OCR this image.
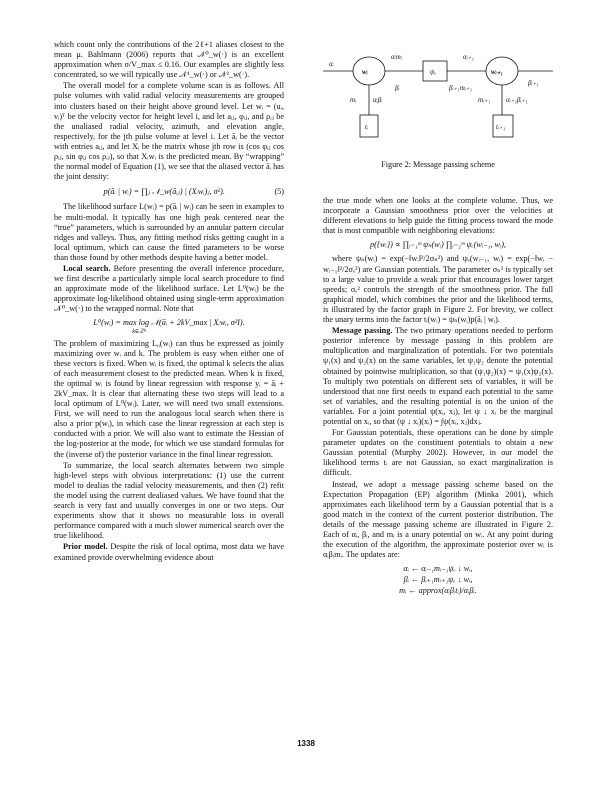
which count only the contributions of the 2ℓ+1 aliases closest to the mean μ. Bahlmann (2006) reports that 𝒩⁰_w(·) is an excellent approximation when σ/V_max ≤ 0.16. Our examples are slightly less concentrated, so we will typically use 𝒩¹_w(·) or 𝒩²_w(·).

The overall model for a complete volume scan is as follows. All pulse volumes with valid radial velocity measurements are grouped into clusters based on their height above ground level. Let wᵢ = (uᵢ, vᵢ)ᵀ be the velocity vector for height level i, and let aᵢⱼ, φᵢⱼ, and ρᵢⱼ be the unaliased radial velocity, azimuth, and elevation angle, respectively, for the jth pulse volume at level i. Let āᵢ be the vector with entries aᵢⱼ, and let Xᵢ be the matrix whose jth row is (cos φᵢⱼ cos ρᵢⱼ, sin φᵢⱼ cos ρᵢⱼ), so that Xᵢwᵢ is the predicted mean. By “wrapping” the normal model of Equation (1), we see that the aliased vector āᵢ has the joint density:

p(āᵢ | wᵢ) = ∏ⱼ 𝒩_w(āᵢⱼ) | (Xᵢwᵢ)ⱼ, σ²).	(5)

The likelihood surface L(wᵢ) = p(āᵢ | wᵢ) can be seen in examples to be multi-modal. It typically has one high peak centered near the “true” parameters, which is surrounded by an annular pattern circular ridges and valleys. Thus, any fitting method risks getting caught in a local optimum, which can cause the fitted parameters to be worse than those found by other methods despite having a better model.

Local search. Before presenting the overall inference procedure, we first describe a particularly simple local search procedure to find an approximate mode of the likelihood surface. Let L⁰(wᵢ) be the approximate log-likelihood obtained using single-term approximation 𝒩⁰_w(·) to the wrapped normal. Note that

L⁰(wᵢ) = max log 𝒩(āᵢ + 2kV_max | Xᵢwᵢ, σ²I).
k∈ℤⁿ

The problem of maximizing L₀(wᵢ) can thus be expressed as jointly maximizing over wᵢ and k. The problem is easy when either one of these vectors is fixed. When wᵢ is fixed, the optimal k selects the alias of each measurement closest to the predicted mean. When k is fixed, the optimal wᵢ is found by linear regression with response yᵢ = āᵢ + 2kV_max. It is clear that alternating these two steps will lead to a local optimum of L⁰(wᵢ). Later, we will need two small extensions. First, we will need to run the analogous local search when there is also a prior p(wᵢ), in which case the linear regression at each step is conducted with a prior. We will also want to estimate the Hessian of the log-posterior at the mode, for which we use standard formulas for the (inverse of) the posterior variance in the final linear regression.

To summarize, the local search alternates between two simple high-level steps with obvious interpretations: (1) use the current model to dealias the radial velocity measurements, and then (2) refit the model using the current dealiased values. We have found that the search is very fast and usually converges in one or two steps. Our experiments show that it shows no measurable loss in overall performance compared with a much slower numerical search over the true likelihood.

Prior model. Despite the risk of local optima, most data we have examined provide overwhelming evidence about

αᵢ
αᵢmᵢ	αᵢ₊₁
wᵢ	ψₑ	wᵢ₊₁
βᵢ₊₁
βᵢ	βᵢ₊₁mᵢ₊₁
mᵢ αᵢβᵢ	mᵢ₊₁ αᵢ₊₁βᵢ₊₁
tᵢ	tᵢ₊₁
Figure 2: Message passing scheme

the true mode when one looks at the complete volume. Thus, we incorporate a Gaussian smoothness prior over the velocities at different elevations to help guide the fitting process toward the mode that is most compatible with neighboring elevations:

p({wᵢ}) ∝ ∏ᵢ₌₁ᵐ ψₙ(wᵢ) ∏ᵢ₌₂ᵐ ψₑ(wᵢ₋₁, wᵢ),

where ψₙ(wᵢ) = exp(−‖wᵢ‖²/2σₙ²) and ψₑ(wᵢ₋₁, wᵢ) = exp(−‖wᵢ − wᵢ₋₁‖²/2σₑ²) are Gaussian potentials. The parameter σₙ² is typically set to a large value to provide a weak prior that encourages lower target speeds; σₑ² controls the strength of the smoothness prior. The full graphical model, which combines the prior and the likelihood terms, is illustrated by the factor graph in Figure 2. For brevity, we collect the unary terms into the factor tᵢ(wᵢ) = ψₙ(wᵢ)p(āᵢ | wᵢ).

Message passing. The two primary operations needed to perform posterior inference by message passing in this problem are multiplication and marginalization of potentials. For two potentials ψ₁(x) and ψ₂(x) on the same variables, let ψ₁ψ₂ denote the potential obtained by pointwise multiplication, so that (ψ₁ψ₂)(x) = ψ₁(x)ψ₂(x). To multiply two potentials on different sets of variables, it will be understood that one first needs to expand each potential to the same set of variables, and the resulting potential is on the union of the variables. For a joint potential ψ(xᵢ, xⱼ), let ψ ↓ xᵢ be the marginal potential on xᵢ, so that (ψ ↓ xᵢ)(xᵢ) = ∫ψ(xᵢ, xⱼ)dxⱼ.

For Gaussian potentials, these operations can be done by simple parameter updates on the constituent potentials to obtain a new Gaussian potential (Murphy 2002). However, in our model the likelihood terms tᵢ are not Gaussian, so exact marginalization is difficult.

Instead, we adopt a message passing scheme based on the Expectation Propagation (EP) algorithm (Minka 2001), which approximates each likelihood term by a Gaussian potential that is a good match in the context of the current posterior distribution. The details of the message passing scheme are illustrated in Figure 2. Each of αᵢ, βᵢ, and mᵢ is a unary potential on wᵢ. At any point during the execution of the algorithm, the approximate posterior over wᵢ is αᵢβᵢmᵢ. The updates are:

αᵢ ← αᵢ₋₁mᵢ₋₁ψₑ ↓ wᵢ,
βᵢ ← βᵢ₊₁mᵢ₊₁ψₑ ↓ wᵢ,
mᵢ ← approx(αᵢβᵢtᵢ)/αᵢβᵢ.
1338
